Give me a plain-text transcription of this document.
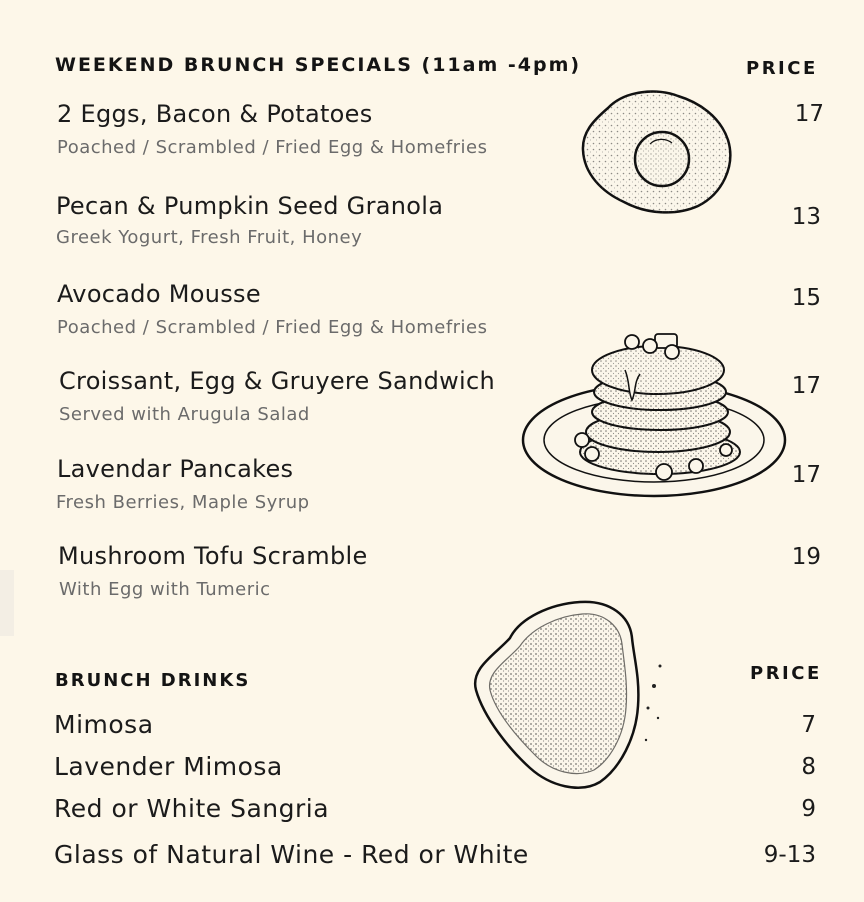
WEEKEND BRUNCH SPECIALS (11am -4pm)	PRICE
2 Eggs, Bacon & Potatoes
Poached / Scrambled / Fried Egg & Homefries
17
Pecan & Pumpkin Seed Granola
Greek Yogurt, Fresh Fruit, Honey
13
Avocado Mousse
Poached / Scrambled / Fried Egg & Homefries
15
Croissant, Egg & Gruyere Sandwich
Served with Arugula Salad
17
Lavendar Pancakes
Fresh Berries, Maple Syrup
17
Mushroom Tofu Scramble
With Egg with Tumeric
19
BRUNCH DRINKS	PRICE
Mimosa	7
Lavender Mimosa	8
Red or White Sangria	9
Glass of Natural Wine - Red or White	9-13
